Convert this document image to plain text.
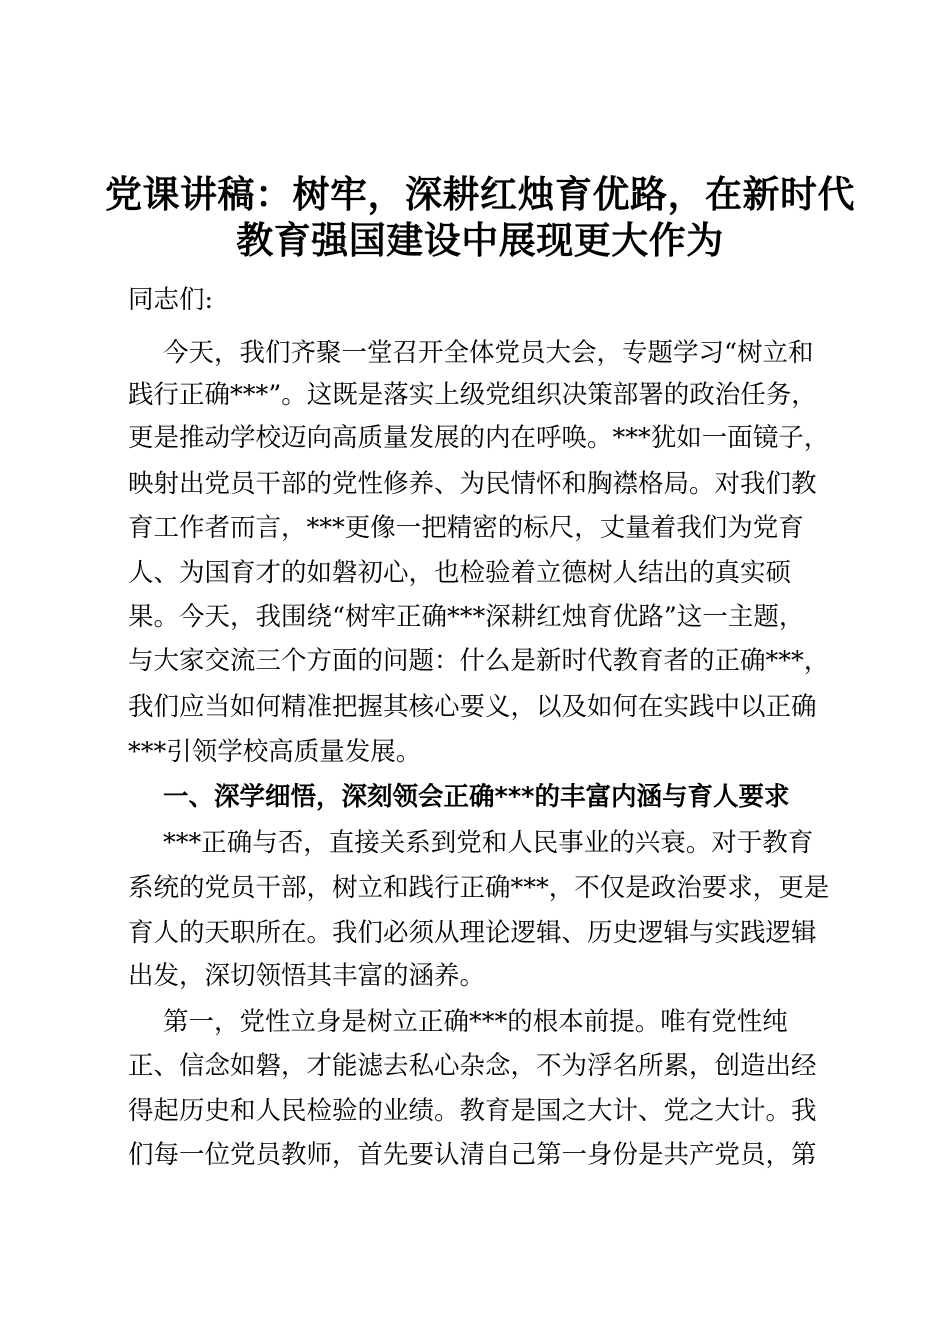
党课讲稿：树牢，深耕红烛育优路，在新时代
教育强国建设中展现更大作为
同志们:
今天，我们齐聚一堂召开全体党员大会，专题学习“树立和
践行正确***”。这既是落实上级党组织决策部署的政治任务，
更是推动学校迈向高质量发展的内在呼唤。***犹如一面镜子，
映射出党员干部的党性修养、为民情怀和胸襟格局。对我们教
育工作者而言，***更像一把精密的标尺，丈量着我们为党育
人、为国育才的如磐初心，也检验着立德树人结出的真实硕
果。今天，我围绕“树牢正确***深耕红烛育优路”这一主题，
与大家交流三个方面的问题：什么是新时代教育者的正确***，
我们应当如何精准把握其核心要义，以及如何在实践中以正确
***引领学校高质量发展。
一、深学细悟，深刻领会正确***的丰富内涵与育人要求
***正确与否，直接关系到党和人民事业的兴衰。对于教育
系统的党员干部，树立和践行正确***，不仅是政治要求，更是
育人的天职所在。我们必须从理论逻辑、历史逻辑与实践逻辑
出发，深切领悟其丰富的涵养。
第一，党性立身是树立正确***的根本前提。唯有党性纯
正、信念如磐，才能滤去私心杂念，不为浮名所累，创造出经
得起历史和人民检验的业绩。教育是国之大计、党之大计。我
们每一位党员教师，首先要认清自己第一身份是共产党员，第
